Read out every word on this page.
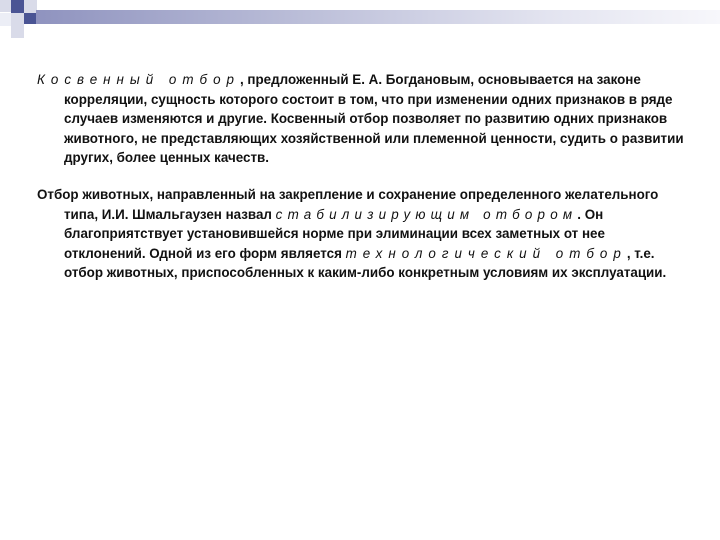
Косвенный отбор, предложенный Е. А. Богдановым, основывается на законе корреляции, сущность которого состоит в том, что при изменении одних признаков в ряде случаев изменяются и другие. Косвенный отбор позволяет по развитию одних признаков животного, не представляющих хозяйственной или племенной ценности, судить о развитии других, более ценных качеств.

Отбор животных, направленный на закрепление и сохранение определенного желательного типа, И.И. Шмальгаузен назвал стабилизирующим отбором. Он благоприятствует установившейся норме при элиминации всех заметных от нее отклонений. Одной из его форм является технологический отбор, т.е. отбор животных, приспособленных к каким-либо конкретным условиям их эксплуатации.
